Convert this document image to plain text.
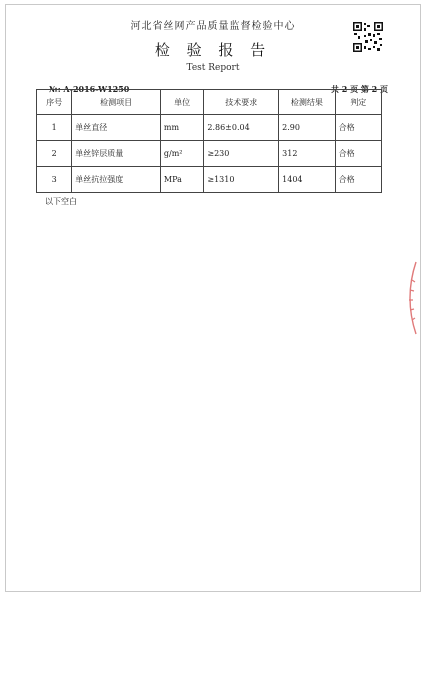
河北省丝网产品质量监督检验中心
检 验 报 告
Test Report
№: A-2016-W1250	共 2 页 第 2 页
序号	检测项目	单位	技术要求	检测结果	判定
1	单丝直径	mm	2.86±0.04	2.90	合格
2	单丝锌层质量	g/m²	≥230	312	合格
3	单丝抗拉强度	MPa	≥1310	1404	合格
以下空白
